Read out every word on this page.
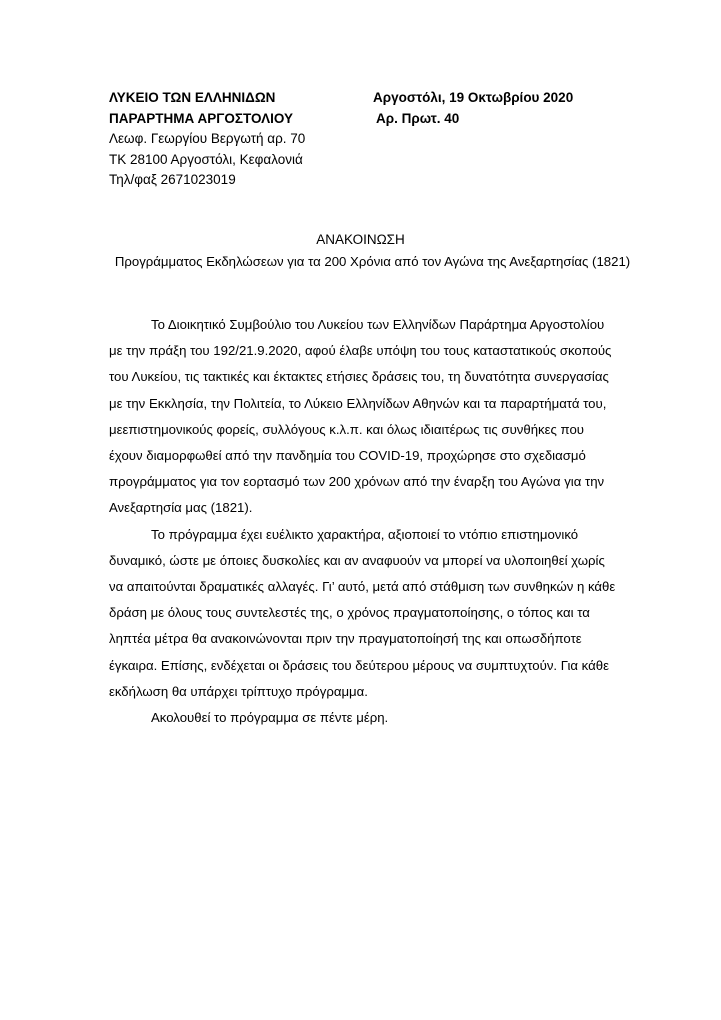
ΛΥΚΕΙΟ ΤΩΝ ΕΛΛΗΝΙΔΩΝ
ΠΑΡΑΡΤΗΜΑ ΑΡΓΟΣΤΟΛΙΟΥ
Λεωφ. Γεωργίου Βεργωτή αρ. 70
ΤΚ 28100 Αργοστόλι, Κεφαλονιά
Τηλ/φαξ 2671023019
Αργοστόλι, 19 Οκτωβρίου 2020
Αρ. Πρωτ. 40
ΑΝΑΚΟΙΝΩΣΗ
Προγράμματος Εκδηλώσεων για τα 200 Χρόνια από τον Αγώνα της Ανεξαρτησίας (1821)
Το Διοικητικό Συμβούλιο του Λυκείου των Ελληνίδων Παράρτημα Αργοστολίου
με την πράξη του 192/21.9.2020, αφού έλαβε υπόψη του τους καταστατικούς σκοπούς
του Λυκείου, τις τακτικές και έκτακτες ετήσιες δράσεις του, τη δυνατότητα συνεργασίας
με την Εκκλησία, την Πολιτεία, το Λύκειο Ελληνίδων Αθηνών και τα παραρτήματά του,
μεεπιστημονικούς φορείς, συλλόγους κ.λ.π. και όλως ιδιαιτέρως τις συνθήκες που
έχουν διαμορφωθεί από την πανδημία του COVID-19, προχώρησε στο σχεδιασμό
προγράμματος για τον εορτασμό των 200 χρόνων από την έναρξη του Αγώνα για την
Ανεξαρτησία μας (1821).
Το πρόγραμμα έχει ευέλικτο χαρακτήρα, αξιοποιεί το ντόπιο επιστημονικό
δυναμικό, ώστε με όποιες δυσκολίες και αν αναφυούν να μπορεί να υλοποιηθεί χωρίς
να απαιτούνται δραματικές αλλαγές. Γι’ αυτό, μετά από στάθμιση των συνθηκών η κάθε
δράση με όλους τους συντελεστές της, ο χρόνος πραγματοποίησης, ο τόπος και τα
ληπτέα μέτρα θα ανακοινώνονται πριν την πραγματοποίησή της και οπωσδήποτε
έγκαιρα. Επίσης, ενδέχεται οι δράσεις του δεύτερου μέρους να συμπτυχτούν. Για κάθε
εκδήλωση θα υπάρχει τρίπτυχο πρόγραμμα.
Ακολουθεί το πρόγραμμα σε πέντε μέρη.
